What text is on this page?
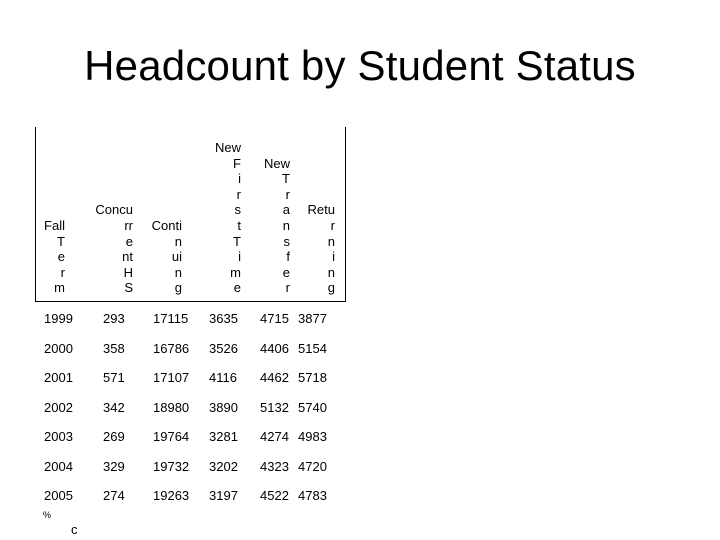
Headcount by Student Status
Fall
T
e
r
m
Concu
rr
e
nt
H
S
Conti
n
ui
n
g
New
F
i
r
s
t
T
i
m
e
New
T
r
a
n
s
f
e
r
Retu
r
n
i
n
g
1999 293 17115 3635 4715 3877
2000 358 16786 3526 4406 5154
2001 571 17107 4116 4462 5718
2002 342 18980 3890 5132 5740
2003 269 19764 3281 4274 4983
2004 329 19732 3202 4323 4720
2005 274 19263 3197 4522 4783
%
c
